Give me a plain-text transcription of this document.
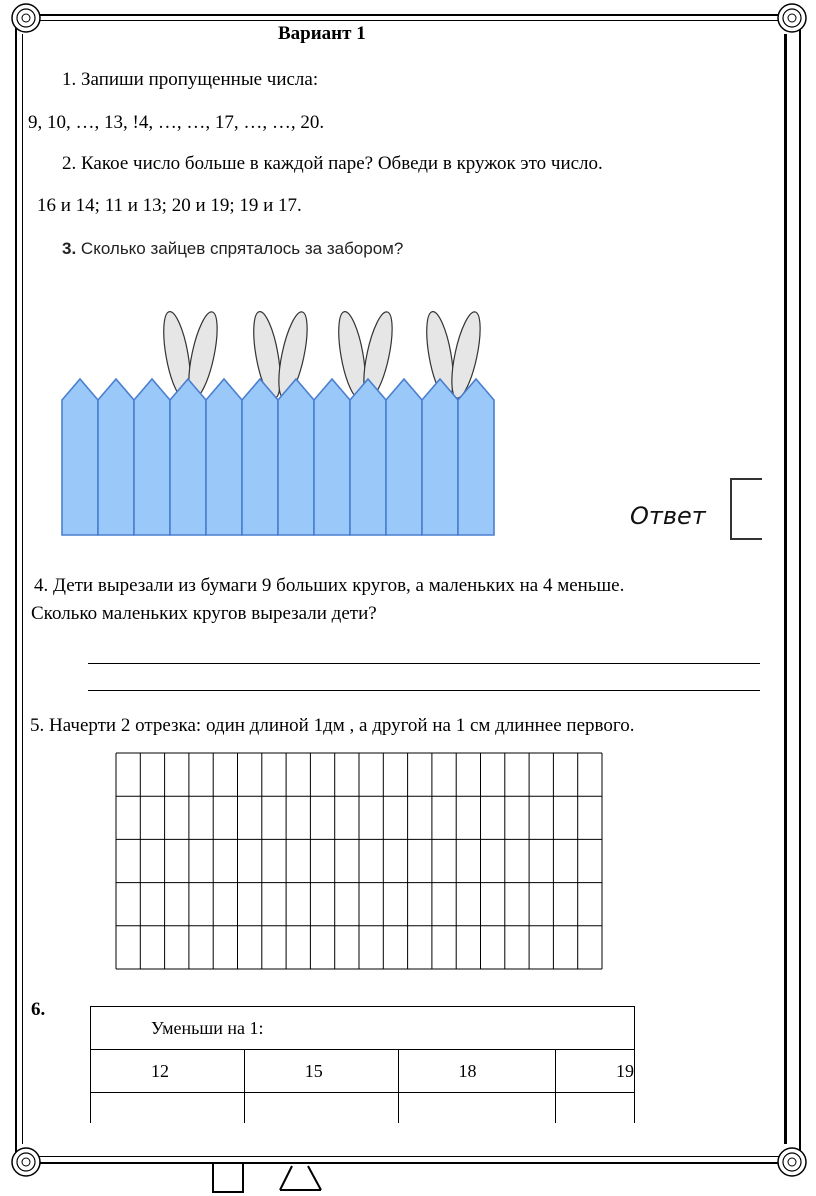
Вариант 1
1. Запиши пропущенные числа:
9, 10, …, 13, !4, …, …, 17, …, …, 20.
2. Какое число больше в каждой паре? Обведи в кружок это число.
16 и 14; 11 и 13; 20 и 19; 19 и 17.
3. Сколько зайцев спряталось за забором?
Ответ
4. Дети вырезали из бумаги 9 больших кругов, а маленьких на 4 меньше.
Сколько маленьких кругов вырезали дети?
5. Начерти 2 отрезка: один длиной 1дм , а другой на 1 см длиннее первого.
6.
Уменьши на 1:			
12	15	18	19
